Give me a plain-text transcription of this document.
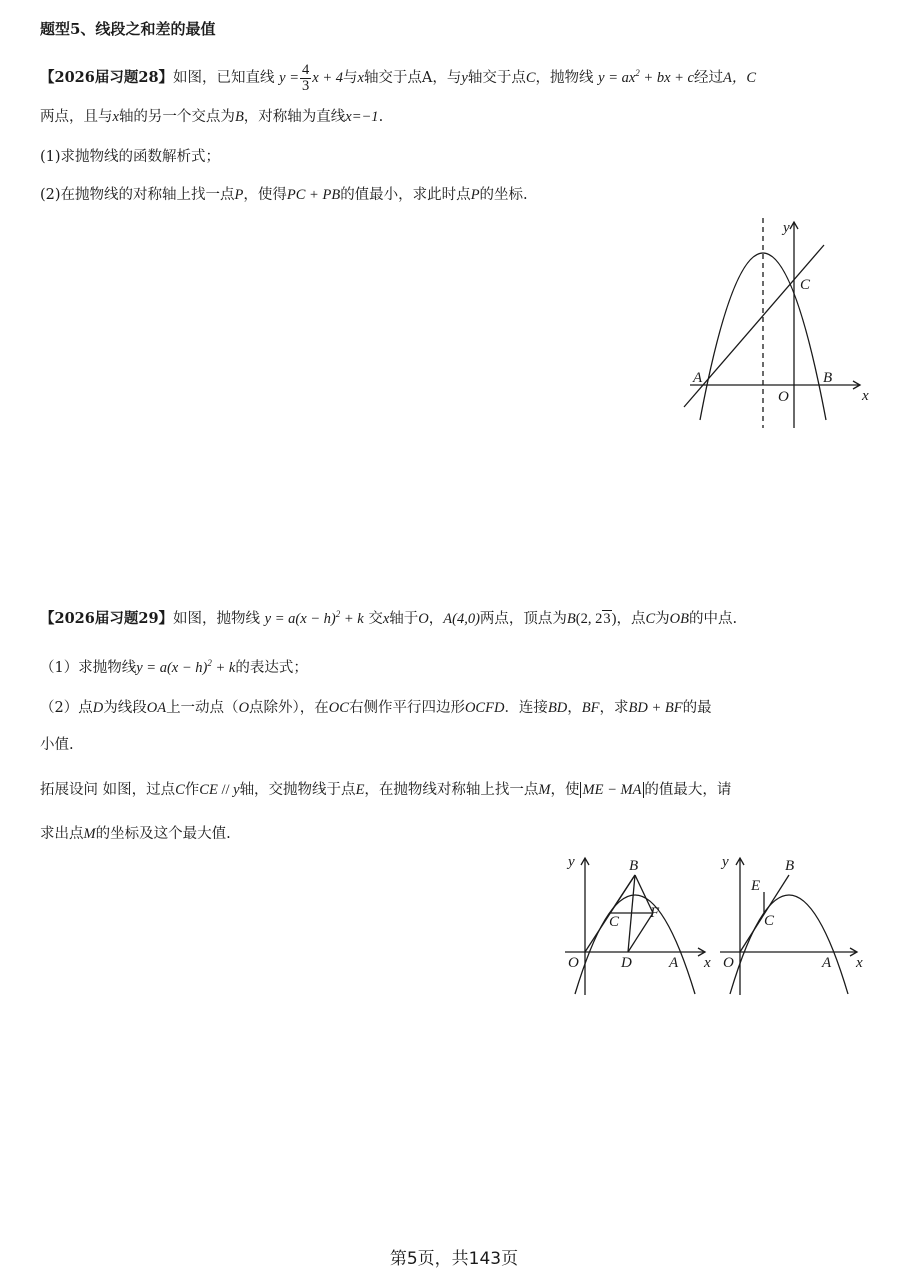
题型5、线段之和差的最值
【2026届习题28】如图，已知直线 $y = \frac{4}{3}$ x + 4与x轴交于点A，与y轴交于点C，抛物线 $y = ax^2$ + bx + c经过A，C
两点，且与x轴的另一个交点为B，对称轴为直线x=−1.
(1)求抛物线的函数解析式；
(2)在抛物线的对称轴上找一点P，使得PC + PB的值最小，求此时点P的坐标.
y
x
A	B
C
O
【2026届习题29】如图，抛物线 $y = a(x - h)^2 + k$ 交x轴于O，A(4,0)两点，顶点为B(2, 23)，点C为OB的中点.
（1）求抛物线$y = a(x - h)^2 + k$的表达式；
（2）点D为线段OA上一动点（O点除外），在OC右侧作平行四边形OCFD．连接BD，BF，求BD + BF的最
小值.
拓展设问 如图，过点C作CE // y轴，交抛物线于点E，在抛物线对称轴上找一点M，使 ME − MA 的值最大，请
求出点M的坐标及这个最大值.
y	B
C
F
O	D A x
y	B
E
C
O	A x
第5页，共143页
